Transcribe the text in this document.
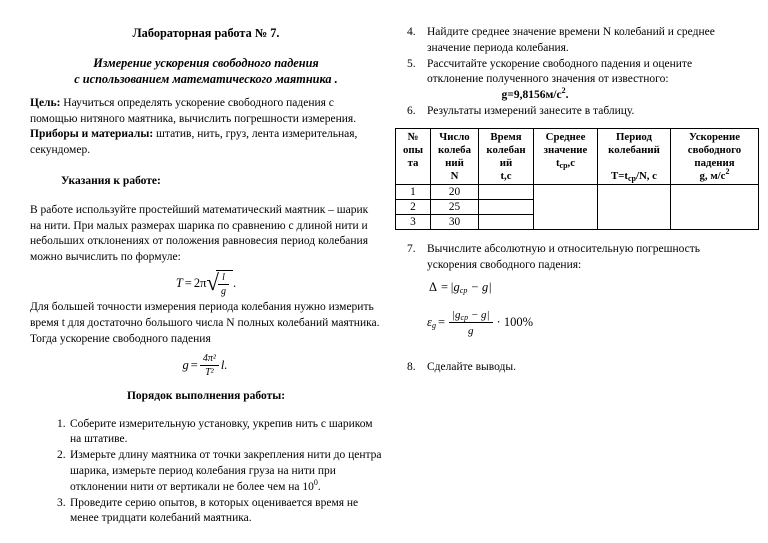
Лабораторная работа № 7.
Измерение ускорения свободного падения
с использованием математического маятника .
Цель: Научиться определять ускорение свободного падения с помощью нитяного маятника, вычислить погрешности измерения.
Приборы и материалы: штатив, нить, груз, лента измерительная, секундомер.
Указания к работе:
В работе используйте простейший математический маятник – шарик на нити. При малых размерах шарика по сравнению с длиной нити и небольших отклонениях от положения равновесия период колебания можно вычислить по формуле:
T = 2π √ $\frac{l}{g}$ .
Для большей точности измерения периода колебания нужно измерить время t для достаточно большого числа N полных колебаний маятника. Тогда ускорение свободного падения
$g = \frac{\text{4π²}}{\text{T²}} l$.
Порядок выполнения работы:
1. Соберите измерительную установку, укрепив нить с шариком на штативе.
2. Измерьте длину маятника от точки закрепления нити до центра шарика, измерьте период колебания груза на нити при отклонении нити от вертикали не более чем на $10^0$.
3. Проведите серию опытов, в которых оценивается время не менее тридцати колебаний маятника.
4. Найдите среднее значение времени N колебаний и среднее значение периода колебания.
5. Рассчитайте ускорение свободного падения и оцените отклонение полученного значения от известного:
$g=9,8156м/с^2$.
6. Результаты измерений занесите в таблицу.
№
опы
та	Число
колеба
ний
N	Время
колебан
ий
t,с	Среднее
значение
$t_{ср},с$	Период
колебаний
$T=t_{ср}/N$, с	Ускорение
свободного
падения
g, $м/с^2$

1	20				
2	25				
3	30				
7. Вычислите абсолютную и относительную погрешность ускорения свободного падения:
$\Delta = |g_{ср} - g|$
$\varepsilon_g = \frac{|g_{ср} - g|}{g} \cdot 100\%$
8. Сделайте выводы.
